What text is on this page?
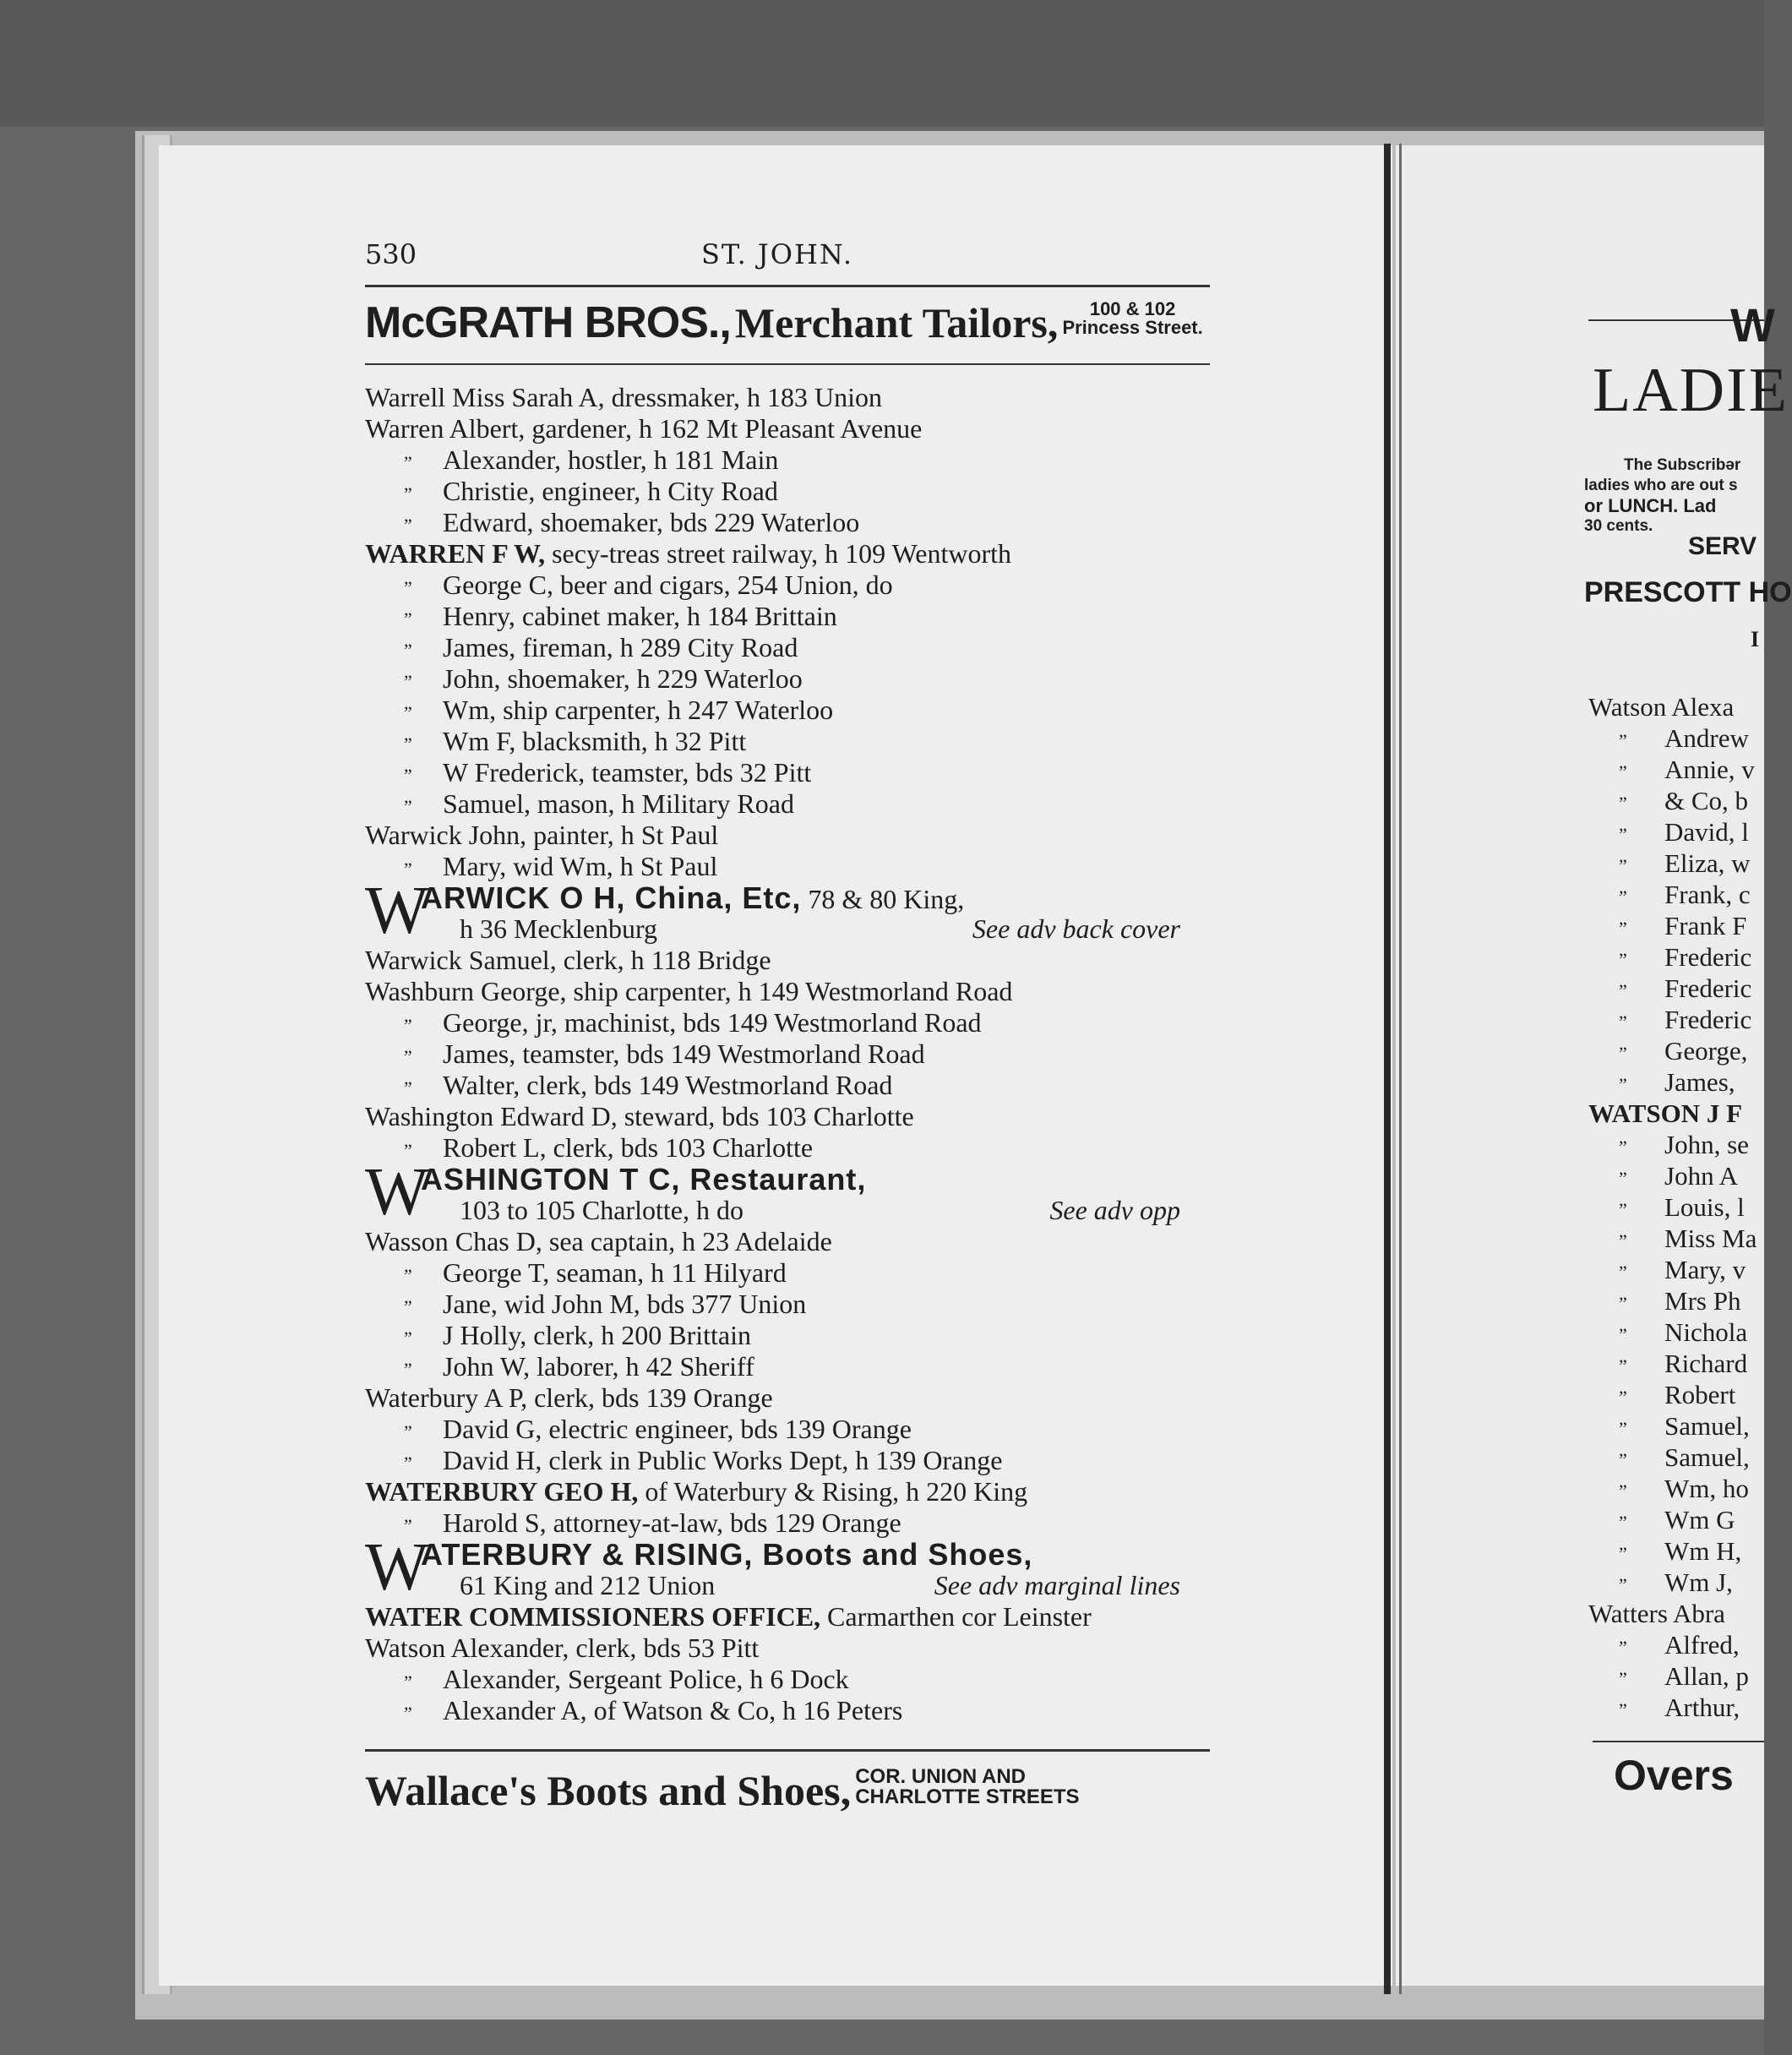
530	ST. JOHN.
McGRATH BROS., Merchant Tailors, 100 & 102
Princess Street.
Warrell Miss Sarah A, dressmaker, h 183 Union
Warren Albert, gardener, h 162 Mt Pleasant Avenue
” Alexander, hostler, h 181 Main
” Christie, engineer, h City Road
” Edward, shoemaker, bds 229 Waterloo
WARREN F W, secy-treas street railway, h 109 Wentworth
” George C, beer and cigars, 254 Union, do
” Henry, cabinet maker, h 184 Brittain
” James, fireman, h 289 City Road
” John, shoemaker, h 229 Waterloo
” Wm, ship carpenter, h 247 Waterloo
” Wm F, blacksmith, h 32 Pitt
” W Frederick, teamster, bds 32 Pitt
” Samuel, mason, h Military Road
Warwick John, painter, h St Paul
” Mary, wid Wm, h St Paul
W
ARWICK O H, China, Etc, 78 & 80 King,
h 36 Mecklenburg	See adv back cover
Warwick Samuel, clerk, h 118 Bridge
Washburn George, ship carpenter, h 149 Westmorland Road
” George, jr, machinist, bds 149 Westmorland Road
” James, teamster, bds 149 Westmorland Road
” Walter, clerk, bds 149 Westmorland Road
Washington Edward D, steward, bds 103 Charlotte
” Robert L, clerk, bds 103 Charlotte
W
ASHINGTON T C, Restaurant,
103 to 105 Charlotte, h do	See adv opp
Wasson Chas D, sea captain, h 23 Adelaide
” George T, seaman, h 11 Hilyard
” Jane, wid John M, bds 377 Union
” J Holly, clerk, h 200 Brittain
” John W, laborer, h 42 Sheriff
Waterbury A P, clerk, bds 139 Orange
” David G, electric engineer, bds 139 Orange
” David H, clerk in Public Works Dept, h 139 Orange
WATERBURY GEO H, of Waterbury & Rising, h 220 King
” Harold S, attorney-at-law, bds 129 Orange
W
ATERBURY & RISING, Boots and Shoes,
61 King and 212 Union	See adv marginal lines
WATER COMMISSIONERS OFFICE, Carmarthen cor Leinster
Watson Alexander, clerk, bds 53 Pitt
” Alexander, Sergeant Police, h 6 Dock
” Alexander A, of Watson & Co, h 16 Peters
Wallace's Boots and Shoes, COR. UNION AND
CHARLOTTE STREETS
W
LADIE
The Subscribər
ladies who are out s
or LUNCH. Lad
30 cents.
SERV
PRESCOTT HO
I
Watson Alexa
” Andrew
” Annie, v
” & Co, b
” David, l
” Eliza, w
” Frank, c
” Frank F
” Frederic
” Frederic
” Frederic
” George,
” James,
WATSON J F
” John, se
” John A
” Louis, l
” Miss Ma
” Mary, v
” Mrs Ph
” Nichola
” Richard
” Robert
” Samuel,
” Samuel,
” Wm, ho
” Wm G
” Wm H,
” Wm J,
Watters Abra
” Alfred,
” Allan, p
” Arthur,
Overs
